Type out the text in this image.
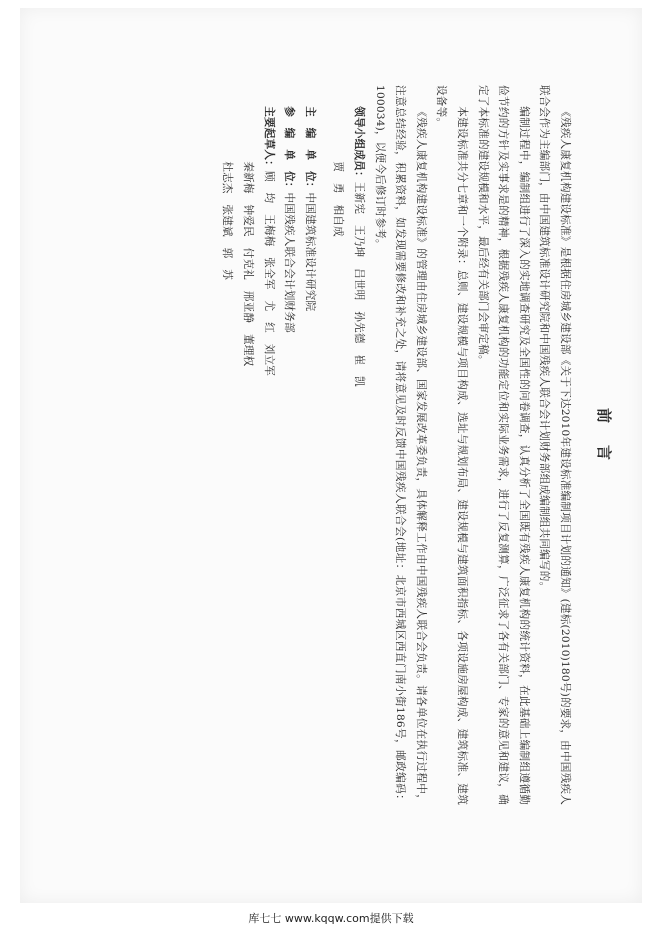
前言

《残疾人康复机构建设标准》是根据住房城乡建设部《关于下达2010年建设标准编制项目计划的通知》(建标(2010)180号)的要求，由中国残疾人联合会作为主编部门，由中国建筑标准设计研究院和中国残疾人联合会计划财务部组成编制组共同编写的。

编制过程中，编制组进行了深入的实地调查研究及全国性的问卷调查，认真分析了全国既有残疾人康复机构的统计资料，在此基础上编制组遵循勤俭节约的方针及实事求是的精神，根据残疾人康复机构的功能定位和实际业务需求，进行了反复测算，广泛征求了各有关部门、专家的意见和建议，确定了本标准的建设规模和水平，最后经有关部门会审定稿。

本建设标准共分七章和一个附录：总则、建设规模与项目构成、选址与规划布局、建设规模与建筑面积指标、各项设施房屋构成、建筑标准、建筑设备等。

《残疾人康复机构建设标准》的管理由住房城乡建设部、国家发展改革委负责，具体解释工作由中国残疾人联合会负责。请各单位在执行过程中，注意总结经验，积累资料，如发现需要修改和补充之处，请将意见及时反馈中国残疾人联合会(地址：北京市西城区西直门南小街186号，邮政编码：100034)，以便今后修订时参考。

领导小组成员：王新宪　王乃坤　吕世明　孙先德　崔　凯
贾　勇　相自成
主　编　单　位：中国建筑标准设计研究院
参　编　单　位：中国残疾人联合会计划财务部
主要起草人：顾　均　王梅梅　张全军　尤　红　刘立军
秦新梅　钟爱民　付克礼　邢亚静　董理权
杜志杰　张建斌　郭　苏
库七七 www.kqqw.com提供下载
